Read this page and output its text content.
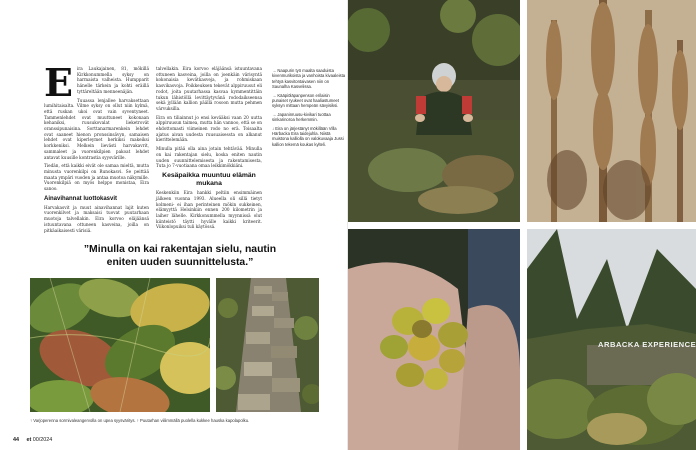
E ira Laukajainen, 81, mökillä Kirkkonummella syksy on harmaista valheista. Humpparit hänelle tärkein ja kohti eräillä tyttäreltään menneenäjän.

Tuuassa lenjallee harvaksettaan lumihitaisalta. Vilme syksy on ollut niin kylmä, että ruskan ukoi ovat vain syventyneet. Tammenlehdet ovat muuttuneet kokonaan kehaniksi, ruusukovalat lieketrovät oranssipunaisina. Sorttanarmarenkein lehdet ovat saaneet hienon pronssinsävyn, samaisen lehdet ovat kiperleymet herkiksi makeiksi korkkeniksi. Melkein lievästi harvakavrit, sammaleet ja vuorenkilpien pakoat lehdet antavat kuusille kontrastia syysvärille.

Tiedän, että kaikki eivät ole samaa mieltä, mutta minusta vuorenkilpi on Runokasvi. Se peittää maata ympäri vuoden ja antaa muotoa näkymille. Vuorenkilpiä on myös helppo monistaa, Eira sanoo.

Ainavihannat luottokasvit

Harvakasvit ja muut ainavihannat lajit kuten vuorenkilvet ja maksaisi tuovat puutarhaan muotoja talvellakin. Eira korvoo eläjäänsä istuuntavana ottuneen kasveina, joilla on pitkäaikaisesti värisiä.

talvellakin. Eira korvoo eläjäänsä istuuntavana ottuneen kasveina, joilla on joenkäin värisyntä kokonaisia kevätkasveja, ja rohmiskaan kasvikasvoja. Poikkeuksen tekevät alppiruusut eli rodot, joita puutarhassa kasvaa kymmentittäin tukun lähistöllä levittäytyvänä rododaikseensa sekä jyllään kallion päällä rosoon mutta pehmen värvuksilla.

Eira on tiliainnut jo ensi kevääksi vaan 20 uutta alppiruusun taimea, mutta hän vannoo, että se on ehdottomasti viimeinen rodo no erä. Toisaalta ajatus aivan uudesta ruusuaisessta on alkanut kierittelemään.

Minulla pitää olla aina jotain tehtävää. Minulla on kai rakentajan sielu, koska eniten nautin uuden suunnittelemisesta ja rakentamisesta, Tuta jo 7-vuotiaana omaa leikkimökkiäni.

Kesäpaikka muuntuu elämän mukana

Keskenkiin Eira hankki peltiin ensimmäinen jälkeen vuonna 1993. Alueella oli sillä tietyt kolmeni- ei ihan perinteinen mökin sukkeinen, elämyyttä Helsinkiin ennen 200 kilometrin ja laiher lähelle. Kirkkonummella myynnissä olut kiinteistö täytti hyvälle kaikki kriteerit. Viikonlopuiksi tuli käytössä.

→ Naapurin työ maalta saaduista kivenmurikoista ja vanhoista kivaaleista tehtyä kasvitontaivasen niin on Saunalha Kasvelissa.
→ Kääpiöläpanpenson erilaisin punaiset ryukeet ovat haaliastumeet syksyn mittaan hempeän sävyisiksi.
→ Japaninruusu-kivikari tuottaa sinkarinoroa herkemmin.
↓ Eira on järjestänyt mökillään Villa Härbacka Eira taidejuhla. Niistä muistona kalliolla on valokuvaaja Jussi kallion tekemä koukas kylteli.
”Minulla on kai rakentajan sielu, nautin eniten uuden suunnittelusta.”
↑ Varjoperenna sormivaleangervolla on upea syysväritys. ↑ Puutarhan viilimmällä puolella kukkee hauska kapolapolku.
44 et 00/2024
ARBACKA EXPERIENCE
